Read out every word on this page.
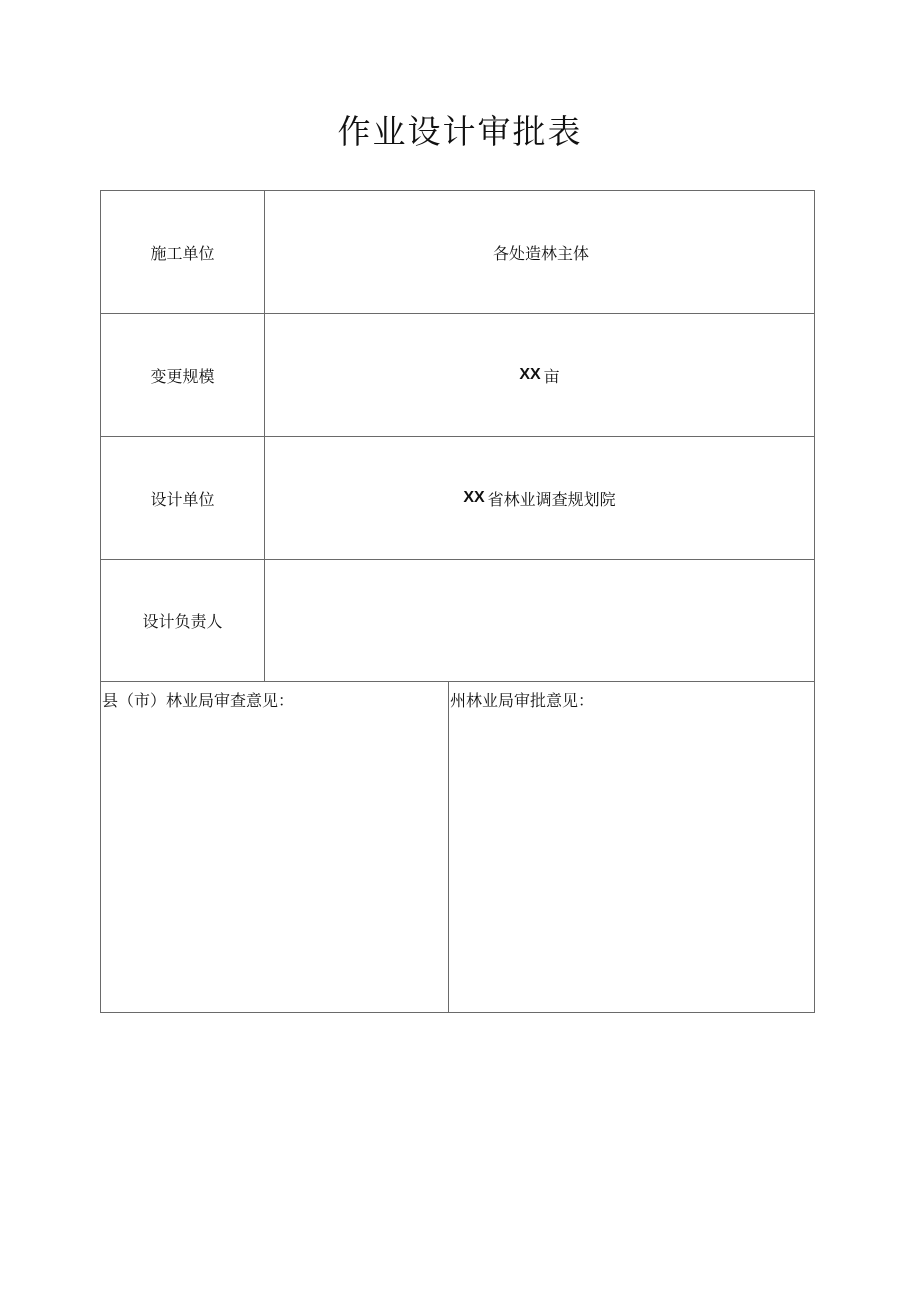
作业设计审批表
施工单位	各处造林主体
变更规模	XX 亩
设计单位	XX 省林业调查规划院
设计负责人
县（市）林业局审查意见：	州林业局审批意见：
